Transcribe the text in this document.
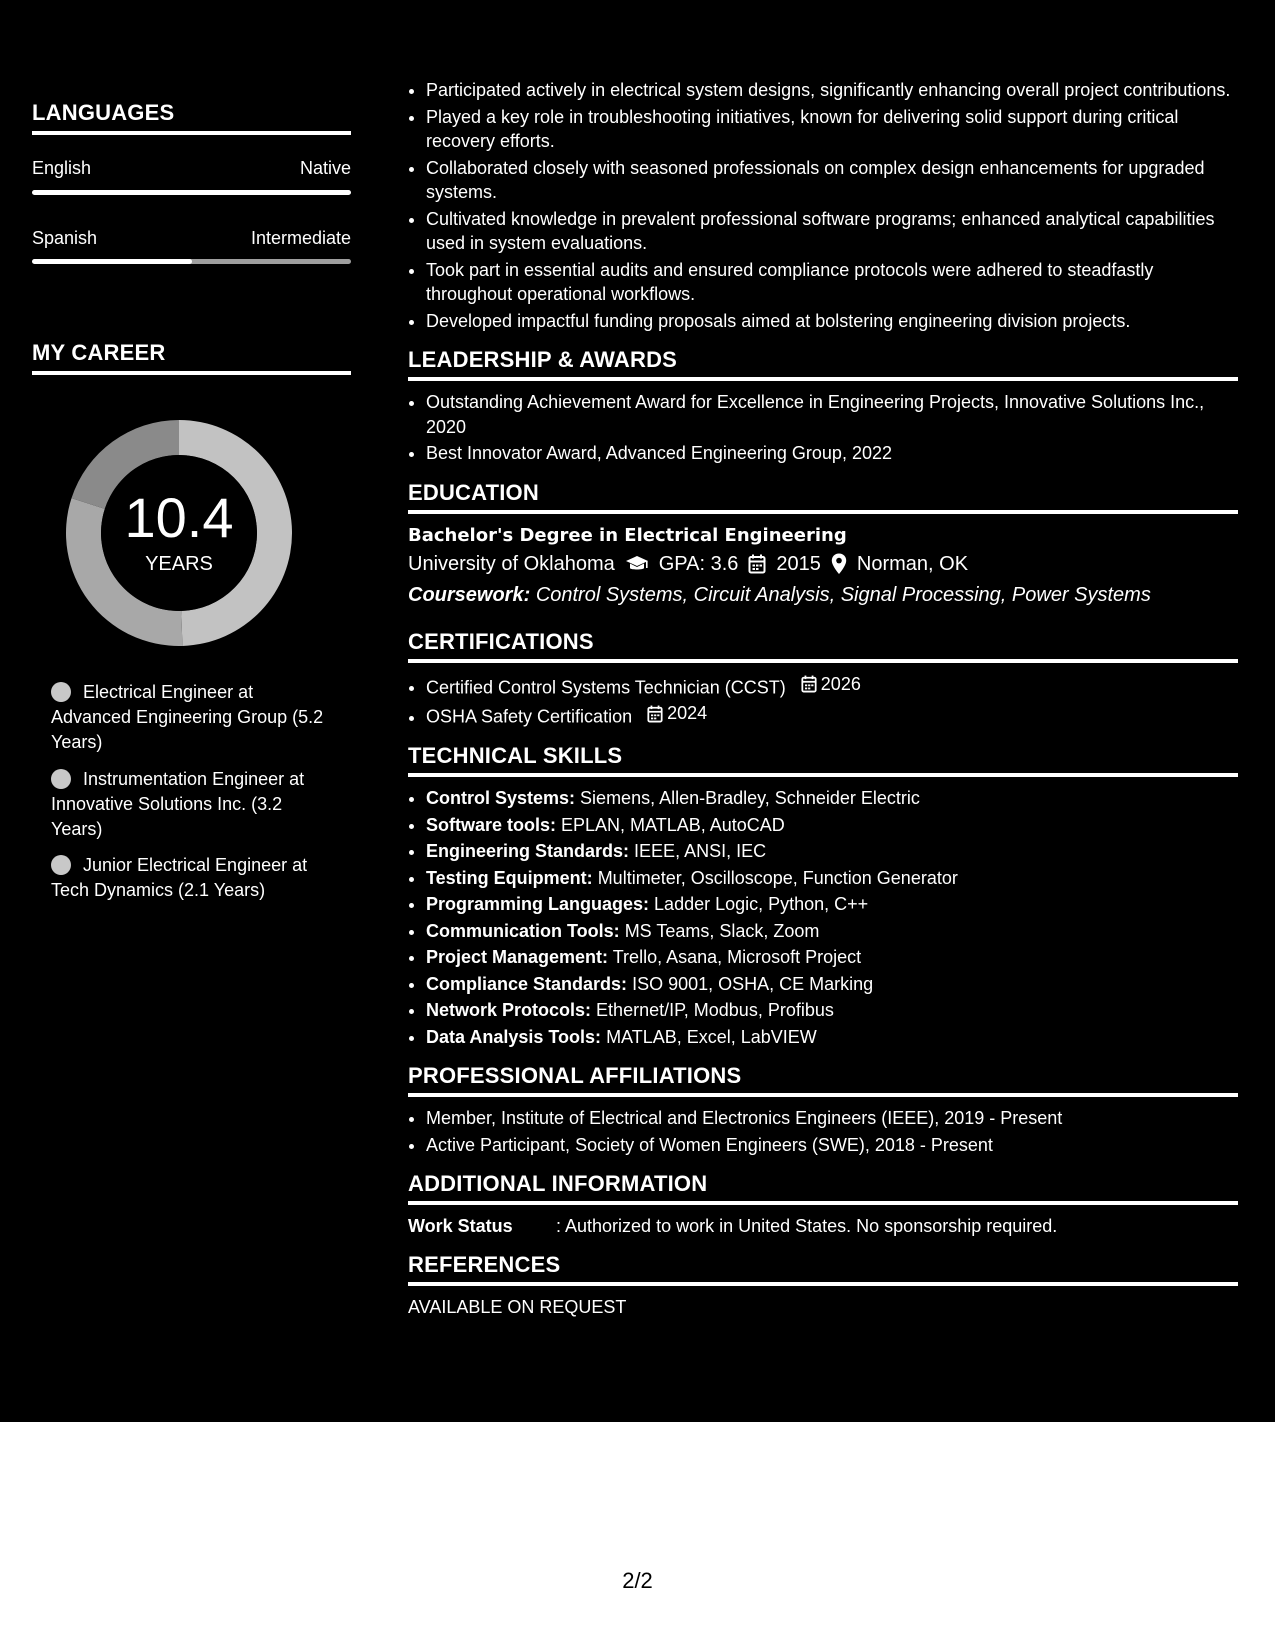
LANGUAGES
English	Native
Spanish	Intermediate
MY CAREER
10.4
YEARS
Electrical Engineer at Advanced Engineering Group (5.2 Years)
Instrumentation Engineer at Innovative Solutions Inc. (3.2 Years)
Junior Electrical Engineer at Tech Dynamics (2.1 Years)
• Participated actively in electrical system designs, significantly enhancing overall project contributions.
• Played a key role in troubleshooting initiatives, known for delivering solid support during critical recovery efforts.
• Collaborated closely with seasoned professionals on complex design enhancements for upgraded systems.
• Cultivated knowledge in prevalent professional software programs; enhanced analytical capabilities used in system evaluations.
• Took part in essential audits and ensured compliance protocols were adhered to steadfastly throughout operational workflows.
• Developed impactful funding proposals aimed at bolstering engineering division projects.
LEADERSHIP & AWARDS
• Outstanding Achievement Award for Excellence in Engineering Projects, Innovative Solutions Inc., 2020
• Best Innovator Award, Advanced Engineering Group, 2022
EDUCATION
Bachelor's Degree in Electrical Engineering
University of Oklahoma GPA: 3.6 2015 Norman, OK
Coursework: Control Systems, Circuit Analysis, Signal Processing, Power Systems
CERTIFICATIONS
• Certified Control Systems Technician (CCST) 2026
• OSHA Safety Certification 2024
TECHNICAL SKILLS
• Control Systems: Siemens, Allen-Bradley, Schneider Electric
• Software tools: EPLAN, MATLAB, AutoCAD
• Engineering Standards: IEEE, ANSI, IEC
• Testing Equipment: Multimeter, Oscilloscope, Function Generator
• Programming Languages: Ladder Logic, Python, C++
• Communication Tools: MS Teams, Slack, Zoom
• Project Management: Trello, Asana, Microsoft Project
• Compliance Standards: ISO 9001, OSHA, CE Marking
• Network Protocols: Ethernet/IP, Modbus, Profibus
• Data Analysis Tools: MATLAB, Excel, LabVIEW
PROFESSIONAL AFFILIATIONS
• Member, Institute of Electrical and Electronics Engineers (IEEE), 2019 - Present
• Active Participant, Society of Women Engineers (SWE), 2018 - Present
ADDITIONAL INFORMATION
Work Status	: Authorized to work in United States. No sponsorship required.
REFERENCES
AVAILABLE ON REQUEST
2/2
